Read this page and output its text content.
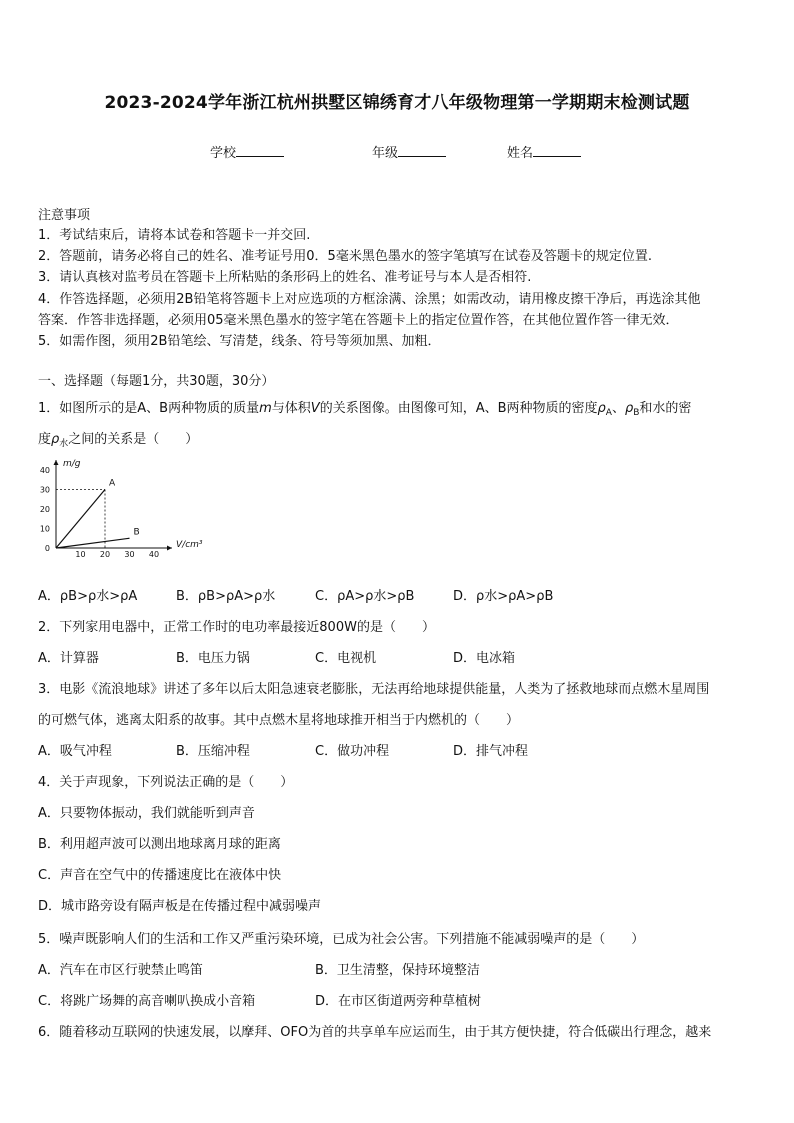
2023-2024学年浙江杭州拱墅区锦绣育才八年级物理第一学期期末检测试题
学校	年级	姓名
注意事项
1．考试结束后，请将本试卷和答题卡一并交回.
2．答题前，请务必将自己的姓名、准考证号用0．5毫米黑色墨水的签字笔填写在试卷及答题卡的规定位置.
3．请认真核对监考员在答题卡上所粘贴的条形码上的姓名、准考证号与本人是否相符.
4．作答选择题，必须用2B铅笔将答题卡上对应选项的方框涂满、涂黑；如需改动，请用橡皮擦干净后，再选涂其他
答案．作答非选择题，必须用05毫米黑色墨水的签字笔在答题卡上的指定位置作答，在其他位置作答一律无效．
5．如需作图，须用2B铅笔绘、写清楚，线条、符号等须加黑、加粗．
一、选择题（每题1分，共30题，30分）
1．如图所示的是A、B两种物质的质量m与体积V的关系图像。由图像可知，A、B两种物质的密度$\rho_A$、$\rho_B$和水的密
度$\rho_水$之间的关系是（　　）
40
30
20
10
0
10 20 30 40
m/g
V/cm³
A
B
A．ρB>ρ水>ρA	B．ρB>ρA>ρ水	C．ρA>ρ水>ρB	D．ρ水>ρA>ρB
2．下列家用电器中，正常工作时的电功率最接近800W的是（　　）
A．计算器	B．电压力锅	C．电视机	D．电冰箱
3．电影《流浪地球》讲述了多年以后太阳急速衰老膨胀，无法再给地球提供能量，人类为了拯救地球而点燃木星周围
的可燃气体，逃离太阳系的故事。其中点燃木星将地球推开相当于内燃机的（　　）
A．吸气冲程	B．压缩冲程	C．做功冲程	D．排气冲程
4．关于声现象，下列说法正确的是（　　）
A．只要物体振动，我们就能听到声音
B．利用超声波可以测出地球离月球的距离
C．声音在空气中的传播速度比在液体中快
D．城市路旁设有隔声板是在传播过程中减弱噪声
5．噪声既影响人们的生活和工作又严重污染环境，已成为社会公害。下列措施不能减弱噪声的是（　　）
A．汽车在市区行驶禁止鸣笛	B．卫生清整，保持环境整洁
C．将跳广场舞的高音喇叭换成小音箱	D．在市区街道两旁种草植树
6．随着移动互联网的快速发展，以摩拜、OFO为首的共享单车应运而生，由于其方便快捷，符合低碳出行理念，越来
